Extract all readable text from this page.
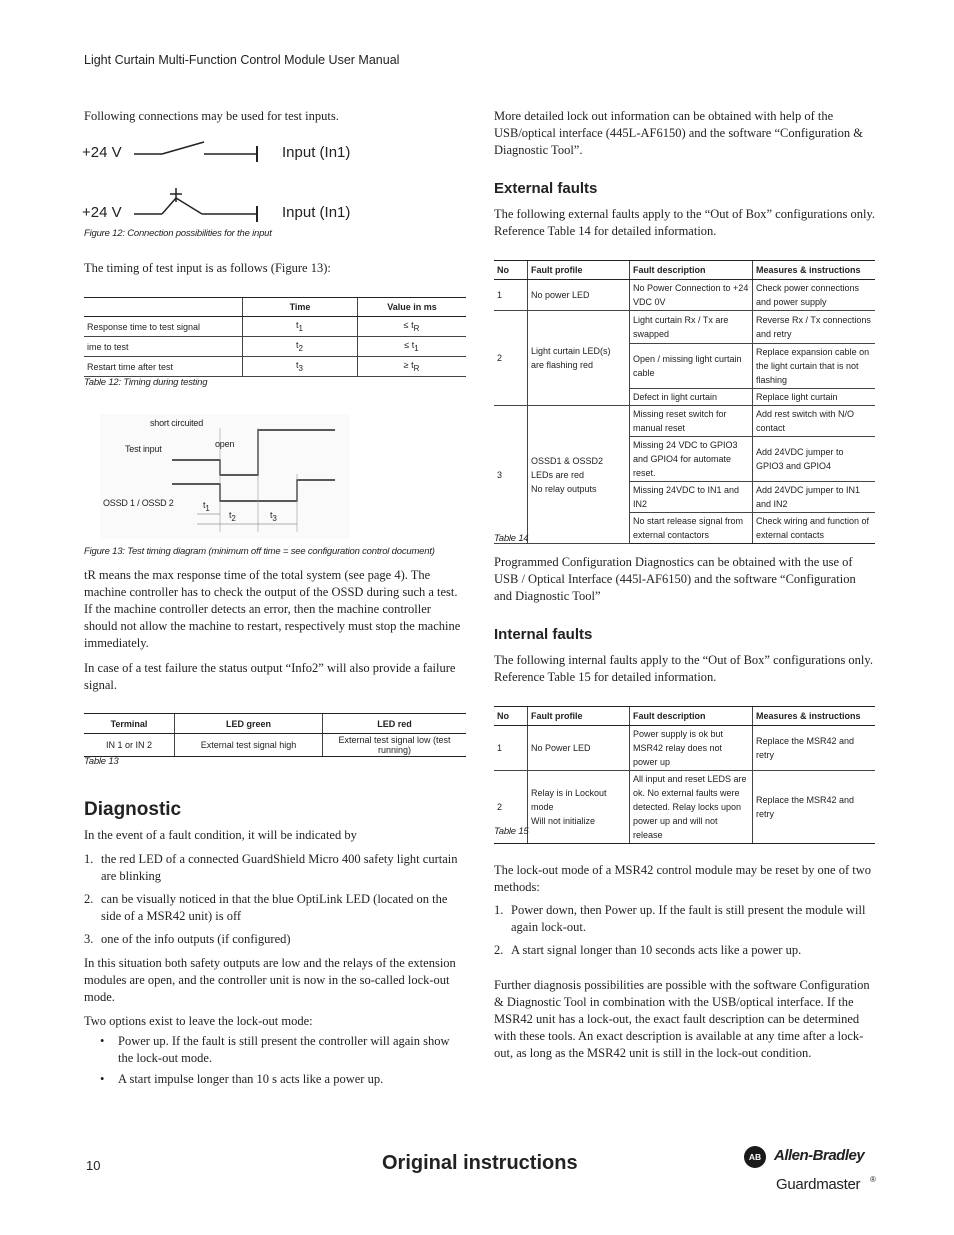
Light Curtain Multi-Function Control Module User Manual
Following connections may be used for test inputs.
+24 V	Input (In1)
+24 V	Input (In1)
Figure 12: Connection possibilities for the input
The timing of test input is as follows (Figure 13):
	Time	Value in ms
Response time to test signal	t1	≤ tR
ime to test	t2	≤ t1
Restart time after test	t3	≥ tR
Table 12: Timing during testing
short circuited
Test input	open
OSSD 1 / OSSD 2	t1
t2	t3
Figure 13: Test timing diagram (minimum off time = see configuration control document)
tR means the max response time of the total system (see page 4). The machine controller has to check the output of the OSSD during such a test. If the machine controller detects an error, then the machine controller should not allow the machine to restart, respectively must stop the machine immediately.
In case of a test failure the status output “Info2” will also provide a failure signal.
Terminal	LED green	LED red
IN 1 or IN 2	External test signal high	External test signal low (test running)
Table 13
Diagnostic
In the event of a fault condition, it will be indicated by
1. the red LED of a connected GuardShield Micro 400 safety light curtain are blinking
2. can be visually noticed in that the blue OptiLink LED (located on the side of a MSR42 unit) is off
3. one of the info outputs (if configured)
In this situation both safety outputs are low and the relays of the extension modules are open, and the controller unit is now in the so-called lock-out mode.
Two options exist to leave the lock-out mode:
•	Power up. If the fault is still present the controller will again show the lock-out mode.
•	A start impulse longer than 10 s acts like a power up.
More detailed lock out information can be obtained with help of the USB/optical interface (445L-AF6150) and the software “Configuration & Diagnostic Tool”.
External faults
The following external faults apply to the “Out of Box” configurations only. Reference Table 14 for detailed information.
No	Fault profile	Fault description	Measures & instructions
1	No power LED	No Power Connection to +24 VDC 0V	Check power connections and power supply
2	Light curtain LED(s) are flashing red	Light curtain Rx / Tx are swapped	Reverse Rx / Tx connections and retry
		Open / missing light curtain cable	Replace expansion cable on the light curtain that is not flashing
		Defect in light curtain	Replace light curtain
3	OSSD1 & OSSD2 LEDs are red
No relay outputs	Missing reset switch for manual reset	Add rest switch with N/O contact
		Missing 24 VDC to GPIO3 and GPIO4 for automate reset.	Add 24VDC jumper to GPIO3 and GPIO4
		Missing 24VDC to IN1 and IN2	Add 24VDC jumper to IN1 and IN2
		No start release signal from external contactors	Check wiring and function of external contacts
Table 14
Programmed Configuration Diagnostics can be obtained with the use of USB / Optical Interface (445l-AF6150) and the software “Configuration and Diagnostic Tool”
Internal faults
The following internal faults apply to the “Out of Box” configurations only. Reference Table 15 for detailed information.
No	Fault profile	Fault description	Measures & instructions
1	No Power LED	Power supply is ok but MSR42 relay does not power up	Replace the MSR42 and retry
2	Relay is in Lockout mode
Will not initialize	All input and reset LEDS are ok. No external faults were detected. Relay locks upon power up and will not release	Replace the MSR42 and retry
Table 15
The lock-out mode of a MSR42 control module may be reset by one of two methods:
1. Power down, then Power up. If the fault is still present the module will again lock-out.
2. A start signal longer than 10 seconds acts like a power up.
Further diagnosis possibilities are possible with the software Configuration & Diagnostic Tool in combination with the USB/optical interface. If the MSR42 unit has a lock-out, the exact fault description can be determined with these tools. An exact description is available at any time after a lock-out, as long as the MSR42 unit is still in the lock-out condition.
10	Original instructions	AB Allen-Bradley
Guardmaster ®
